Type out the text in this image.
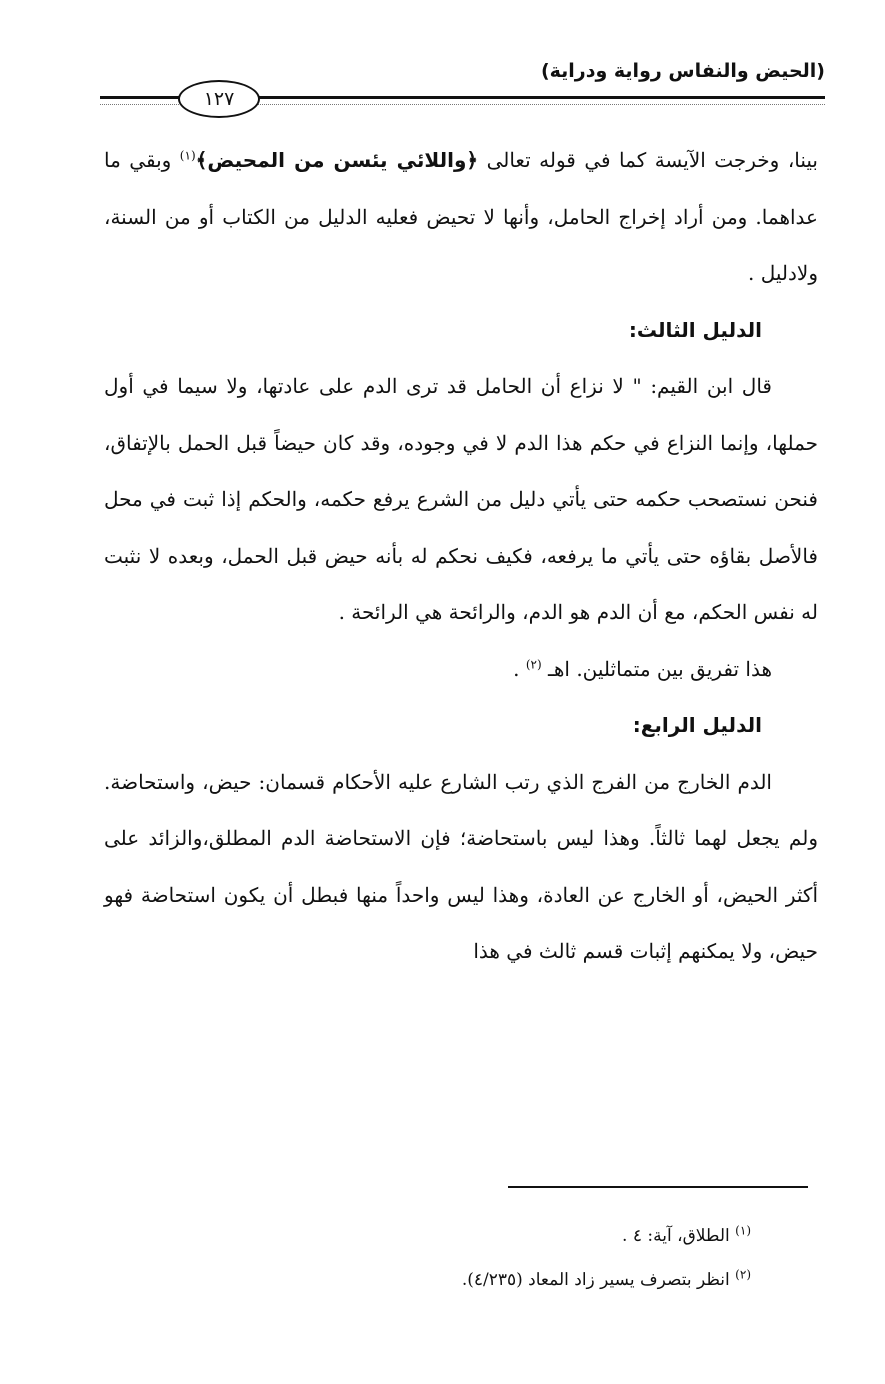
(الحيض والنفاس رواية ودراية)
١٢٧

بينا، وخرجت الآيسة كما في قوله تعالى ﴿واللائي يئسن من المحيض﴾$^{(١)}$ وبقي ما عداهما. ومن أراد إخراج الحامل، وأنها لا تحيض فعليه الدليل من الكتاب أو من السنة، ولادليل .

الدليل الثالث:

قال ابن القيم: " لا نزاع أن الحامل قد ترى الدم على عادتها، ولا سيما في أول حملها، وإنما النزاع في حكم هذا الدم لا في وجوده، وقد كان حيضاً قبل الحمل بالإتفاق، فنحن نستصحب حكمه حتى يأتي دليل من الشرع يرفع حكمه، والحكم إذا ثبت في محل فالأصل بقاؤه حتى يأتي ما يرفعه، فكيف نحكم له بأنه حيض قبل الحمل، وبعده لا نثبت له نفس الحكم، مع أن الدم هو الدم، والرائحة هي الرائحة .

هذا تفريق بين متماثلين. اهـ $^{(٢)}$ .

الدليل الرابع:

الدم الخارج من الفرج الذي رتب الشارع عليه الأحكام قسمان: حيض، واستحاضة. ولم يجعل لهما ثالثاً. وهذا ليس باستحاضة؛ فإن الاستحاضة الدم المطلق،والزائد على أكثر الحيض، أو الخارج عن العادة، وهذا ليس واحداً منها فبطل أن يكون استحاضة فهو حيض، ولا يمكنهم إثبات قسم ثالث في هذا

$^{(١)}$ الطلاق، آية: ٤ .

$^{(٢)}$ انظر بتصرف يسير زاد المعاد (٤/٢٣٥).
